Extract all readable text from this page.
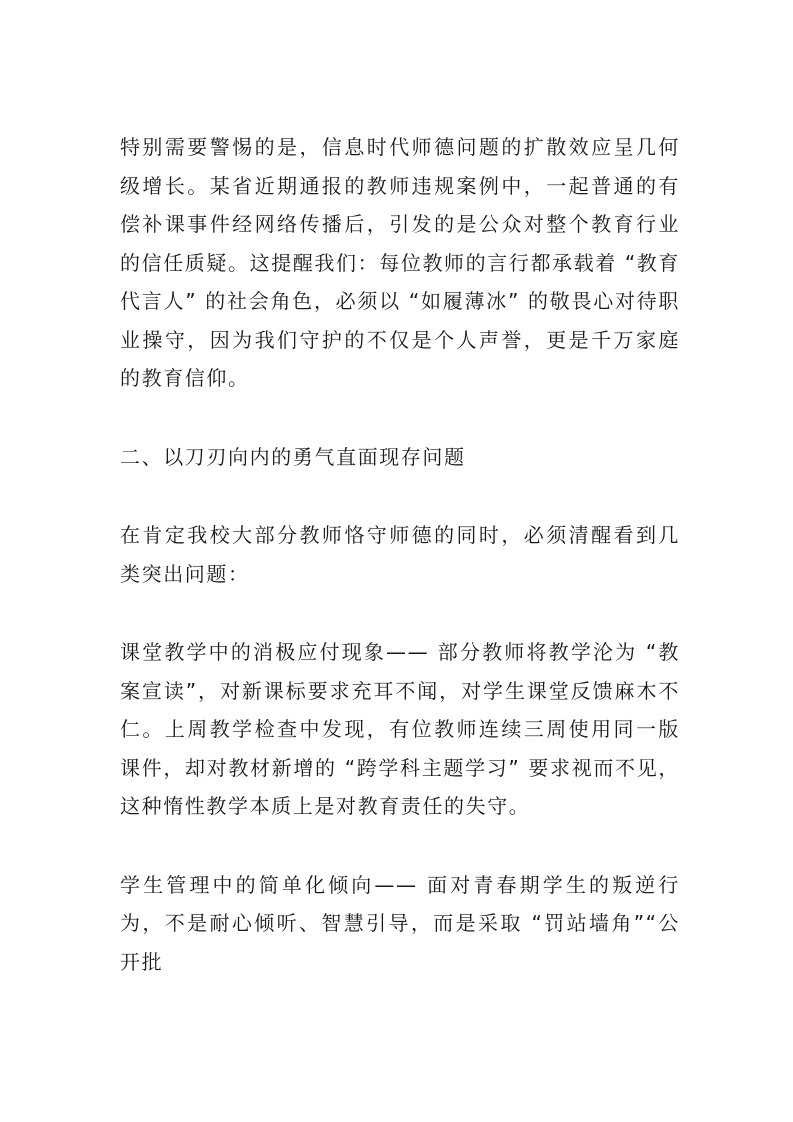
特别需要警惕的是，信息时代师德问题的扩散效应呈几何级增长。某省近期通报的教师违规案例中，一起普通的有偿补课事件经网络传播后，引发的是公众对整个教育行业的信任质疑。这提醒我们：每位教师的言行都承载着 “教育代言人” 的社会角色，必须以 “如履薄冰” 的敬畏心对待职业操守，因为我们守护的不仅是个人声誉，更是千万家庭的教育信仰。

二、以刀刃向内的勇气直面现存问题

在肯定我校大部分教师恪守师德的同时，必须清醒看到几类突出问题：

课堂教学中的消极应付现象—— 部分教师将教学沦为 “教案宣读”，对新课标要求充耳不闻，对学生课堂反馈麻木不仁。上周教学检查中发现，有位教师连续三周使用同一版课件，却对教材新增的 “跨学科主题学习” 要求视而不见，这种惰性教学本质上是对教育责任的失守。

学生管理中的简单化倾向—— 面对青春期学生的叛逆行为，不是耐心倾听、智慧引导，而是采取 “罚站墙角”“公开批
